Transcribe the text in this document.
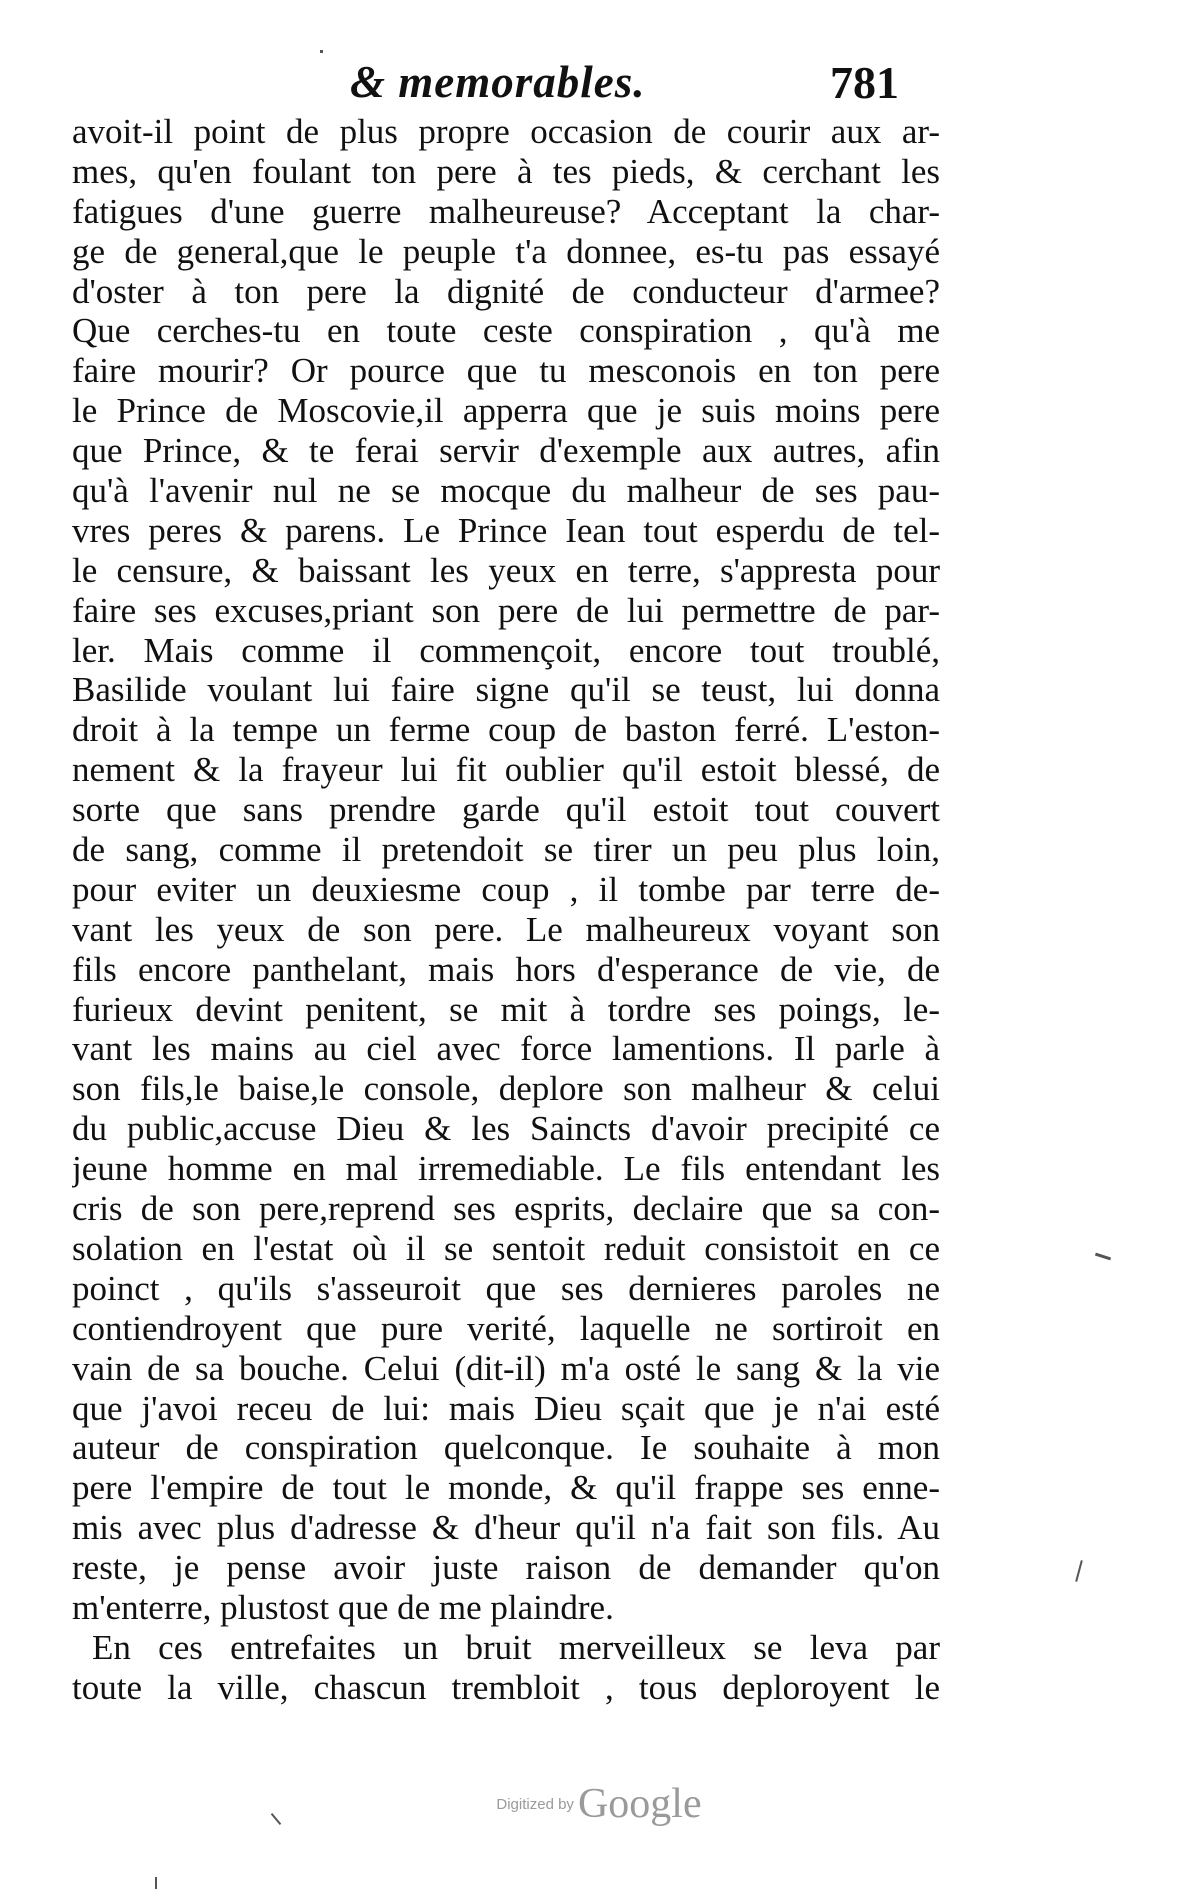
& memorables.	781
avoit-il point de plus propre occasion de courir aux ar-
mes, qu'en foulant ton pere à tes pieds, & cerchant les
fatigues d'une guerre malheureuse? Acceptant la char-
ge de general,que le peuple t'a donnee, es-tu pas essayé
d'oster à ton pere la dignité de conducteur d'armee?
Que cerches-tu en toute ceste conspiration , qu'à me
faire mourir? Or pource que tu mesconois en ton pere
le Prince de Moscovie,il apperra que je suis moins pere
que Prince, & te ferai servir d'exemple aux autres, afin
qu'à l'avenir nul ne se mocque du malheur de ses pau-
vres peres & parens. Le Prince Iean tout esperdu de tel-
le censure, & baissant les yeux en terre, s'appresta pour
faire ses excuses,priant son pere de lui permettre de par-
ler. Mais comme il commençoit, encore tout troublé,
Basilide voulant lui faire signe qu'il se teust, lui donna
droit à la tempe un ferme coup de baston ferré. L'eston-
nement & la frayeur lui fit oublier qu'il estoit blessé, de
sorte que sans prendre garde qu'il estoit tout couvert
de sang, comme il pretendoit se tirer un peu plus loin,
pour eviter un deuxiesme coup , il tombe par terre de-
vant les yeux de son pere. Le malheureux voyant son
fils encore panthelant, mais hors d'esperance de vie, de
furieux devint penitent, se mit à tordre ses poings, le-
vant les mains au ciel avec force lamentions. Il parle à
son fils,le baise,le console, deplore son malheur & celui
du public,accuse Dieu & les Saincts d'avoir precipité ce
jeune homme en mal irremediable. Le fils entendant les
cris de son pere,reprend ses esprits, declaire que sa con-
solation en l'estat où il se sentoit reduit consistoit en ce
poinct , qu'ils s'asseuroit que ses dernieres paroles ne
contiendroyent que pure verité, laquelle ne sortiroit en
vain de sa bouche. Celui (dit-il) m'a osté le sang & la vie
que j'avoi receu de lui: mais Dieu sçait que je n'ai esté
auteur de conspiration quelconque. Ie souhaite à mon
pere l'empire de tout le monde, & qu'il frappe ses enne-
mis avec plus d'adresse & d'heur qu'il n'a fait son fils. Au
reste, je pense avoir juste raison de demander qu'on
m'enterre, plustost que de me plaindre.
En ces entrefaites un bruit merveilleux se leva par
toute la ville, chascun trembloit , tous deploroyent le
Digitized byGoogle
